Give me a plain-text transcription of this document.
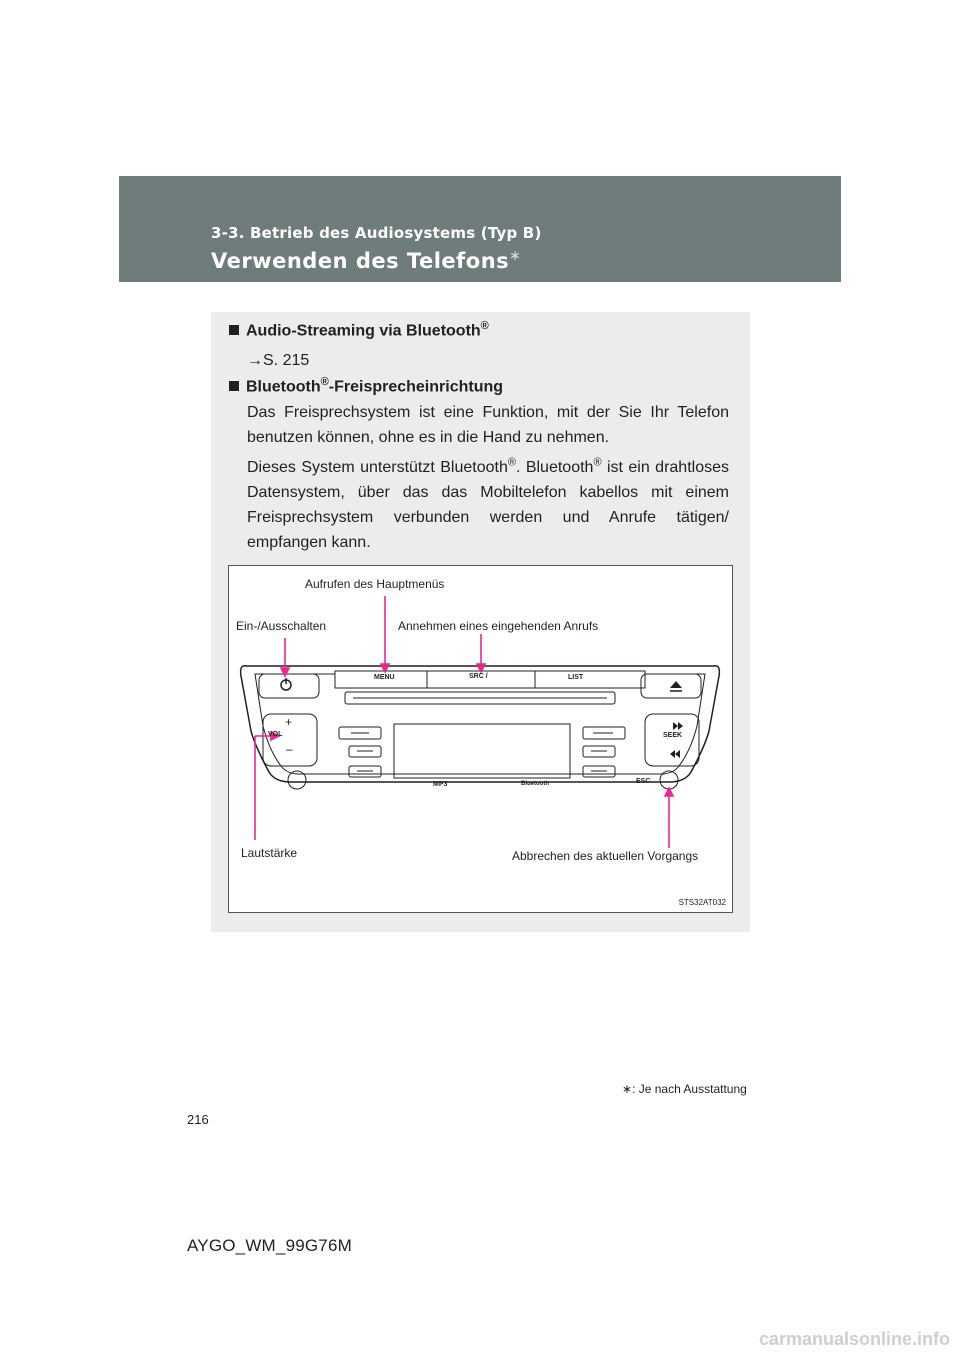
3-3. Betrieb des Audiosystems (Typ B)
Verwenden des Telefons∗
Audio-Streaming via Bluetooth®
→S. 215
Bluetooth®-Freisprecheinrichtung
Das Freisprechsystem ist eine Funktion, mit der Sie Ihr Telefon benutzen können, ohne es in die Hand zu nehmen.
Dieses System unterstützt Bluetooth®. Bluetooth® ist ein drahtloses Datensystem, über das das Mobiltelefon kabellos mit einem Freisprechsystem verbunden werden und Anrufe tätigen/ empfangen kann.
Aufrufen des Hauptmenüs
Ein-/Ausschalten	Annehmen eines eingehenden Anrufs
Lautstärke	Abbrechen des aktuellen Vorgangs
MENU	SRC /	LIST
+
VOL
–
SEEK
ESC
MP3	Bluetooth
STS32AT032
∗: Je nach Ausstattung
216
AYGO_WM_99G76M
carmanualsonline.info
